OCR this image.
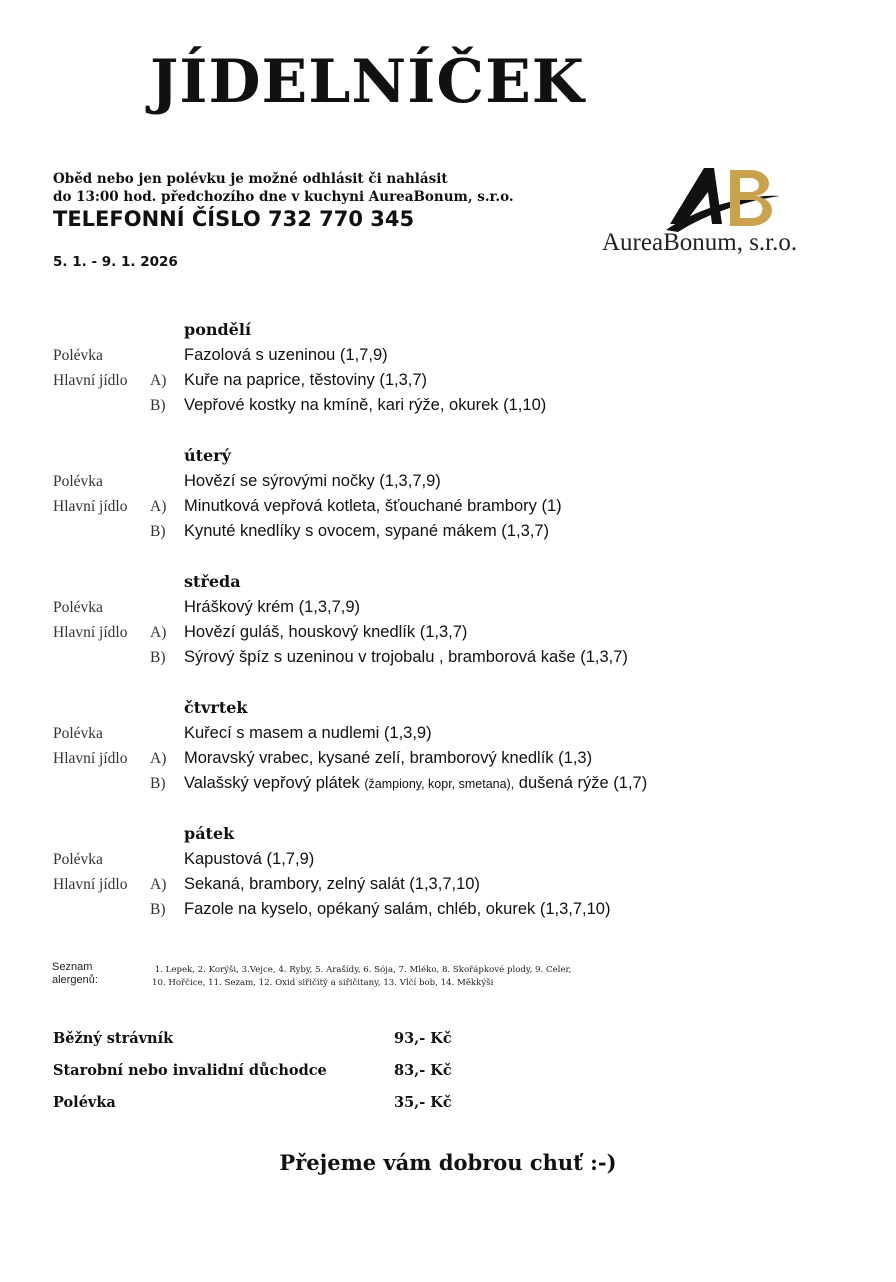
JÍDELNÍČEK
Oběd nebo jen polévku je možné odhlásit či nahlásit
do 13:00 hod. předchozího dne v kuchyni AureaBonum, s.r.o.
TELEFONNÍ ČÍSLO 732 770 345
5. 1. - 9. 1. 2026
AureaBonum, s.r.o.
pondělí
Polévka	Fazolová s uzeninou (1,7,9)
Hlavní jídlo A) Kuře na paprice, těstoviny (1,3,7)
B) Vepřové kostky na kmíně, kari rýže, okurek (1,10)
úterý
Polévka	Hovězí se sýrovými nočky (1,3,7,9)
Hlavní jídlo A) Minutková vepřová kotleta, šťouchané brambory (1)
B) Kynuté knedlíky s ovocem, sypané mákem (1,3,7)
středa
Polévka	Hráškový krém (1,3,7,9)
Hlavní jídlo A) Hovězí guláš, houskový knedlík (1,3,7)
B) Sýrový špíz s uzeninou v trojobalu , bramborová kaše (1,3,7)
čtvrtek
Polévka	Kuřecí s masem a nudlemi (1,3,9)
Hlavní jídlo A) Moravský vrabec, kysané zelí, bramborový knedlík (1,3)
B) Valašský vepřový plátek (žampiony, kopr, smetana), dušená rýže (1,7)
pátek
Polévka	Kapustová (1,7,9)
Hlavní jídlo A) Sekaná, brambory, zelný salát (1,3,7,10)
B) Fazole na kyselo, opékaný salám, chléb, okurek (1,3,7,10)
Seznam
alergenů:
1. Lepek, 2. Korýši, 3.Vejce, 4. Ryby, 5. Arašídy, 6. Sója, 7. Mléko, 8. Skořápkové plody, 9. Celer,
10. Hořčice, 11. Sezam, 12. Oxid siřičitý a siřičitany, 13. Vlčí bob, 14. Měkkýši
Běžný strávník	93,- Kč
Starobní nebo invalidní důchodce	83,- Kč
Polévka	35,- Kč
Přejeme vám dobrou chuť :-)
